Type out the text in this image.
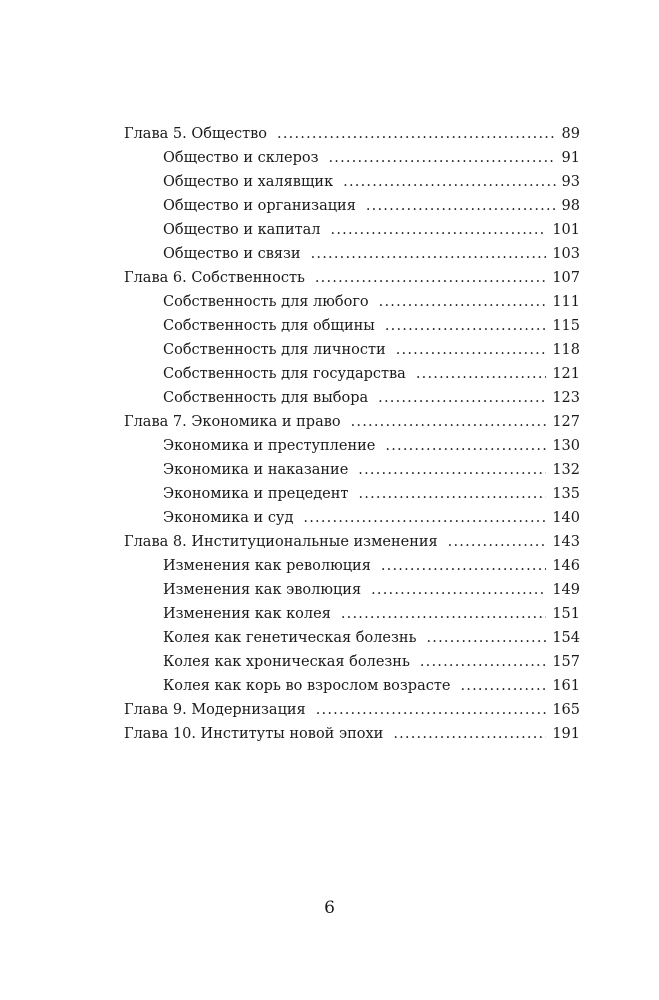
Глава 5. Общество .....	89
Общество и склероз .....	91
Общество и халявщик .....	93
Общество и организация .....	98
Общество и капитал .....	101
Общество и связи .....	103
Глава 6. Собственность .....	107
Собственность для любого .....	111
Собственность для общины .....	115
Собственность для личности .....	118
Собственность для государства .....	121
Собственность для выбора .....	123
Глава 7. Экономика и право .....	127
Экономика и преступление .....	130
Экономика и наказание .....	132
Экономика и прецедент .....	135
Экономика и суд .....	140
Глава 8. Институциональные изменения .....	143
Изменения как революция .....	146
Изменения как эволюция .....	149
Изменения как колея .....	151
Колея как генетическая болезнь .....	154
Колея как хроническая болезнь .....	157
Колея как корь во взрослом возрасте .....	161
Глава 9. Модернизация .....	165
Глава 10. Институты новой эпохи .....	191
6
